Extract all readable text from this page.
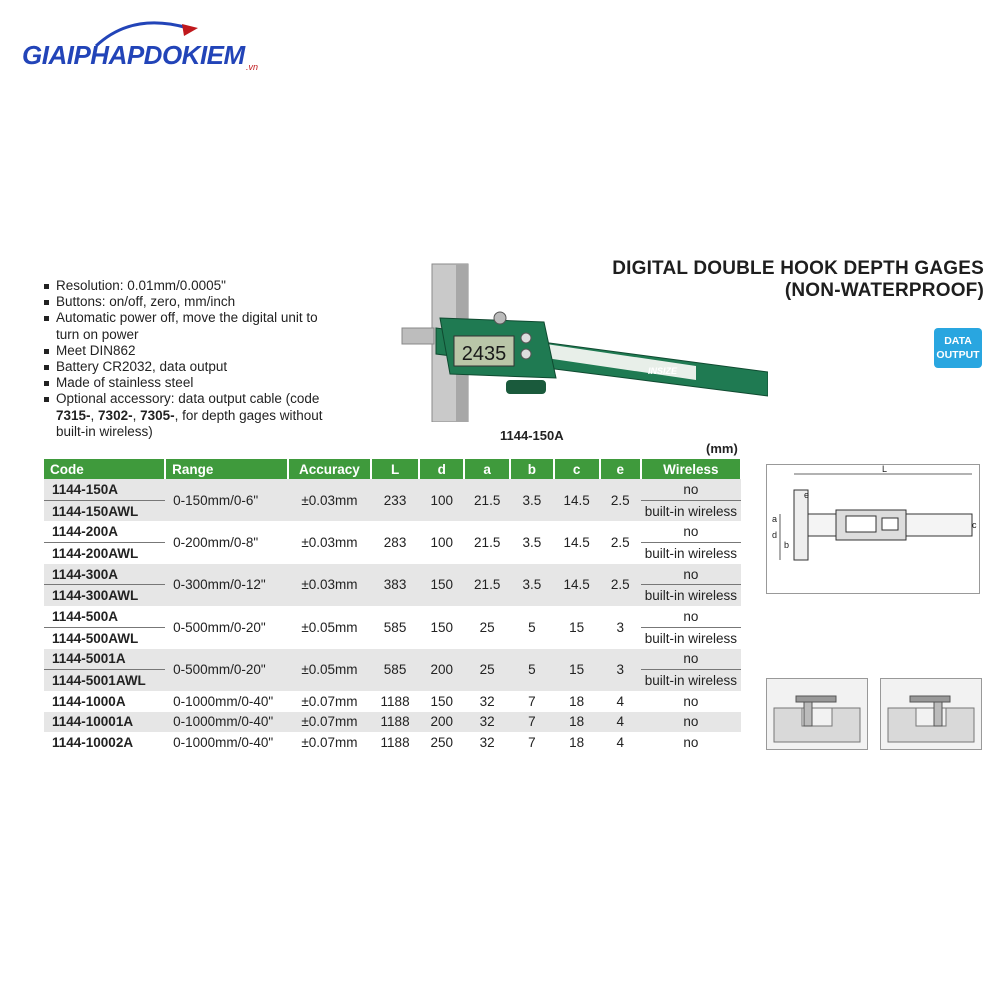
GIAIPHAPDOKIEM .vn
Resolution: 0.01mm/0.0005"
Buttons: on/off, zero, mm/inch
Automatic power off, move the digital unit to turn on power
Meet DIN862
Battery CR2032, data output
Made of stainless steel
Optional accessory: data output cable (code 7315-, 7302-, 7305-, for depth gages without built-in wireless)
DIGITAL DOUBLE HOOK DEPTH GAGES
(NON-WATERPROOF)
DATA
OUTPUT
2435
INSIZE
1144-150A
(mm)
Code	Range	Accuracy	L	d	a	b	c	e	Wireless
1144-150A	0-150mm/0-6"	±0.03mm	233	100	21.5	3.5	14.5	2.5	no
1144-150AWL									built-in wireless
1144-200A	0-200mm/0-8"	±0.03mm	283	100	21.5	3.5	14.5	2.5	no
1144-200AWL									built-in wireless
1144-300A	0-300mm/0-12"	±0.03mm	383	150	21.5	3.5	14.5	2.5	no
1144-300AWL									built-in wireless
1144-500A	0-500mm/0-20"	±0.05mm	585	150	25	5	15	3	no
1144-500AWL									built-in wireless
1144-5001A	0-500mm/0-20"	±0.05mm	585	200	25	5	15	3	no
1144-5001AWL									built-in wireless
1144-1000A	0-1000mm/0-40"	±0.07mm	1188	150	32	7	18	4	no
1144-10001A	0-1000mm/0-40"	±0.07mm	1188	200	32	7	18	4	no
1144-10002A	0-1000mm/0-40"	±0.07mm	1188	250	32	7	18	4	no
L
e
a
d
b
c
